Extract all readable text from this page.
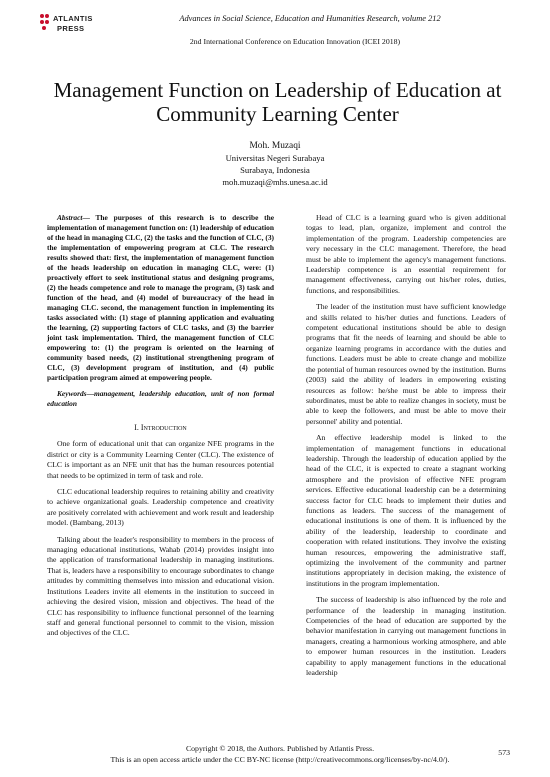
ATLANTIS
PRESS
Advances in Social Science, Education and Humanities Research, volume 212
2nd International Conference on Education Innovation (ICEI 2018)
Management Function on Leadership of Education at Community Learning Center
Moh. Muzaqi
Universitas Negeri Surabaya
Surabaya, Indonesia
moh.muzaqi@mhs.unesa.ac.id

Abstract— The purposes of this research is to describe the implementation of management function on: (1) leadership of education of the head in managing CLC, (2) the tasks and the function of CLC, (3) the implementation of empowering program at CLC. The research results showed that: first, the implementation of management function of the heads leadership on education in managing CLC, were: (1) proactively effort to seek institutional status and designing programs, (2) the heads competence and role to manage the program, (3) task and function of the head, and (4) model of bureaucracy of the head in managing CLC. second, the management function in implementing its tasks associated with: (1) stage of planning application and evaluating the learning, (2) supporting factors of CLC tasks, and (3) the barrier joint task implementation. Third, the management function of CLC empowering to: (1) the program is oriented on the learning of community based needs, (2) institutional strengthening program of CLC, (3) development program of institution, and (4) public participation program aimed at empowering people.

Keywords—management, leadership education, unit of non formal education

I. Introduction

One form of educational unit that can organize NFE programs in the district or city is a Community Learning Center (CLC). The existence of CLC is important as an NFE unit that has the human resources potential that needs to be optimized in term of task and role.

CLC educational leadership requires to retaining ability and creativity to achieve organizational goals. Leadership competence and creativity are positively correlated with achievement and work result and leadership model. (Bambang, 2013)

Talking about the leader's responsibility to members in the process of managing educational institutions, Wahab (2014) provides insight into the application of transformational leadership in managing institutions. That is, leaders have a responsibility to encourage subordinates to change attitudes by committing themselves into mission and educational vision. Institutions Leaders invite all elements in the institution to succeed in achieving the desired vision, mission and objectives. The head of the CLC has responsibility to influence functional personnel of the learning staff and general functional personnel to commit to the vision, mission and objectives of the CLC.

Head of CLC is a learning guard who is given additional togas to lead, plan, organize, implement and control the implementation of the program. Leadership competencies are very necessary in the CLC management. Therefore, the head must be able to implement the agency's management functions. Leadership competence is an essential requirement for management effectiveness, carrying out his/her roles, duties, functions, and responsibilities.

The leader of the institution must have sufficient knowledge and skills related to his/her duties and functions. Leaders of competent educational institutions should be able to design programs that fit the needs of learning and should be able to organize learning programs in accordance with the duties and functions. Leaders must be able to create change and mobilize the potential of human resources owned by the institution. Burns (2003) said the ability of leaders in empowering existing resources as follow: he/she must be able to impress their subordinates, must be able to realize changes in society, must be able to keep the followers, and must be able to move their personnel' ability and potential.

An effective leadership model is linked to the implementation of management functions in educational leadership. Through the leadership of education applied by the head of the CLC, it is expected to create a stagnant working atmosphere and the provision of effective NFE program services. Effective educational leadership can be a determining success factor for CLC heads to implement their duties and functions as leaders. The success of the management of educational institutions is one of them. It is influenced by the ability of the leadership, leadership to coordinate and cooperation with related institutions. They involve the existing human resources, empowering the administrative staff, optimizing the involvement of the community and partner institutions appropriately in decision making, the existence of institutions in the program implementation.

The success of leadership is also influenced by the role and performance of the leadership in managing institution. Competencies of the head of education are supported by the behavior manifestation in carrying out management functions in managers, creating a harmonious working atmosphere, and able to empower human resources in the institution. Leaders capability to apply management functions in the educational leadership

Copyright © 2018, the Authors. Published by Atlantis Press.
This is an open access article under the CC BY-NC license (http://creativecommons.org/licenses/by-nc/4.0/).
573
